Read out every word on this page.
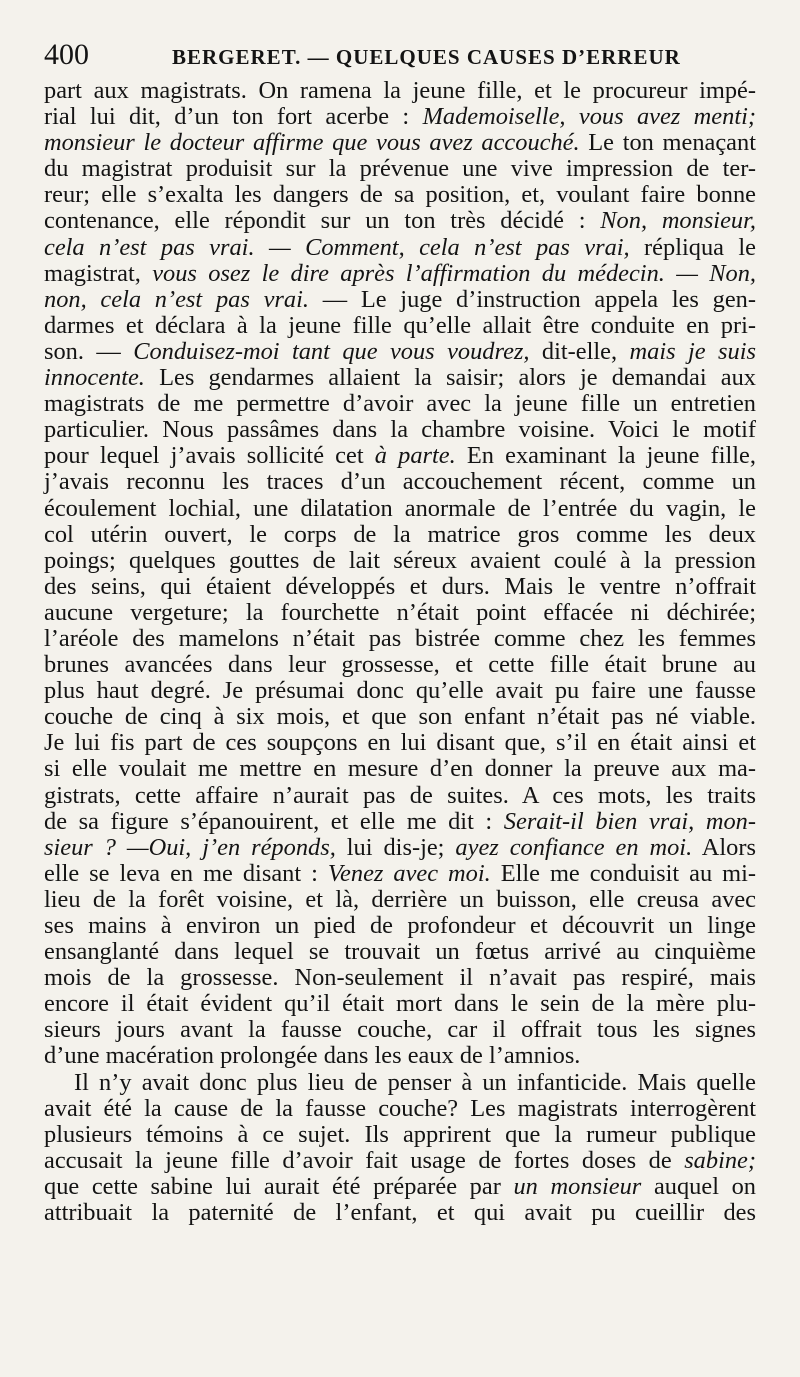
400	BERGERET. — QUELQUES CAUSES D’ERREUR
part aux magistrats. On ramena la jeune fille, et le procureur impé-
rial lui dit, d’un ton fort acerbe : Mademoiselle, vous avez menti;
monsieur le docteur affirme que vous avez accouché. Le ton menaçant
du magistrat produisit sur la prévenue une vive impression de ter-
reur; elle s’exalta les dangers de sa position, et, voulant faire bonne
contenance, elle répondit sur un ton très décidé : Non, monsieur,
cela n’est pas vrai. — Comment, cela n’est pas vrai, répliqua le
magistrat, vous osez le dire après l’affirmation du médecin. — Non,
non, cela n’est pas vrai. — Le juge d’instruction appela les gen-
darmes et déclara à la jeune fille qu’elle allait être conduite en pri-
son. — Conduisez-moi tant que vous voudrez, dit-elle, mais je suis
innocente. Les gendarmes allaient la saisir; alors je demandai aux
magistrats de me permettre d’avoir avec la jeune fille un entretien
particulier. Nous passâmes dans la chambre voisine. Voici le motif
pour lequel j’avais sollicité cet à parte. En examinant la jeune fille,
j’avais reconnu les traces d’un accouchement récent, comme un
écoulement lochial, une dilatation anormale de l’entrée du vagin, le
col utérin ouvert, le corps de la matrice gros comme les deux
poings; quelques gouttes de lait séreux avaient coulé à la pression
des seins, qui étaient développés et durs. Mais le ventre n’offrait
aucune vergeture; la fourchette n’était point effacée ni déchirée;
l’aréole des mamelons n’était pas bistrée comme chez les femmes
brunes avancées dans leur grossesse, et cette fille était brune au
plus haut degré. Je présumai donc qu’elle avait pu faire une fausse
couche de cinq à six mois, et que son enfant n’était pas né viable.
Je lui fis part de ces soupçons en lui disant que, s’il en était ainsi et
si elle voulait me mettre en mesure d’en donner la preuve aux ma-
gistrats, cette affaire n’aurait pas de suites. A ces mots, les traits
de sa figure s’épanouirent, et elle me dit : Serait-il bien vrai, mon-
sieur ? —Oui, j’en réponds, lui dis-je; ayez confiance en moi. Alors
elle se leva en me disant : Venez avec moi. Elle me conduisit au mi-
lieu de la forêt voisine, et là, derrière un buisson, elle creusa avec
ses mains à environ un pied de profondeur et découvrit un linge
ensanglanté dans lequel se trouvait un fœtus arrivé au cinquième
mois de la grossesse. Non-seulement il n’avait pas respiré, mais
encore il était évident qu’il était mort dans le sein de la mère plu-
sieurs jours avant la fausse couche, car il offrait tous les signes
d’une macération prolongée dans les eaux de l’amnios.
Il n’y avait donc plus lieu de penser à un infanticide. Mais quelle
avait été la cause de la fausse couche? Les magistrats interrogèrent
plusieurs témoins à ce sujet. Ils apprirent que la rumeur publique
accusait la jeune fille d’avoir fait usage de fortes doses de sabine;
que cette sabine lui aurait été préparée par un monsieur auquel on
attribuait la paternité de l’enfant, et qui avait pu cueillir des
